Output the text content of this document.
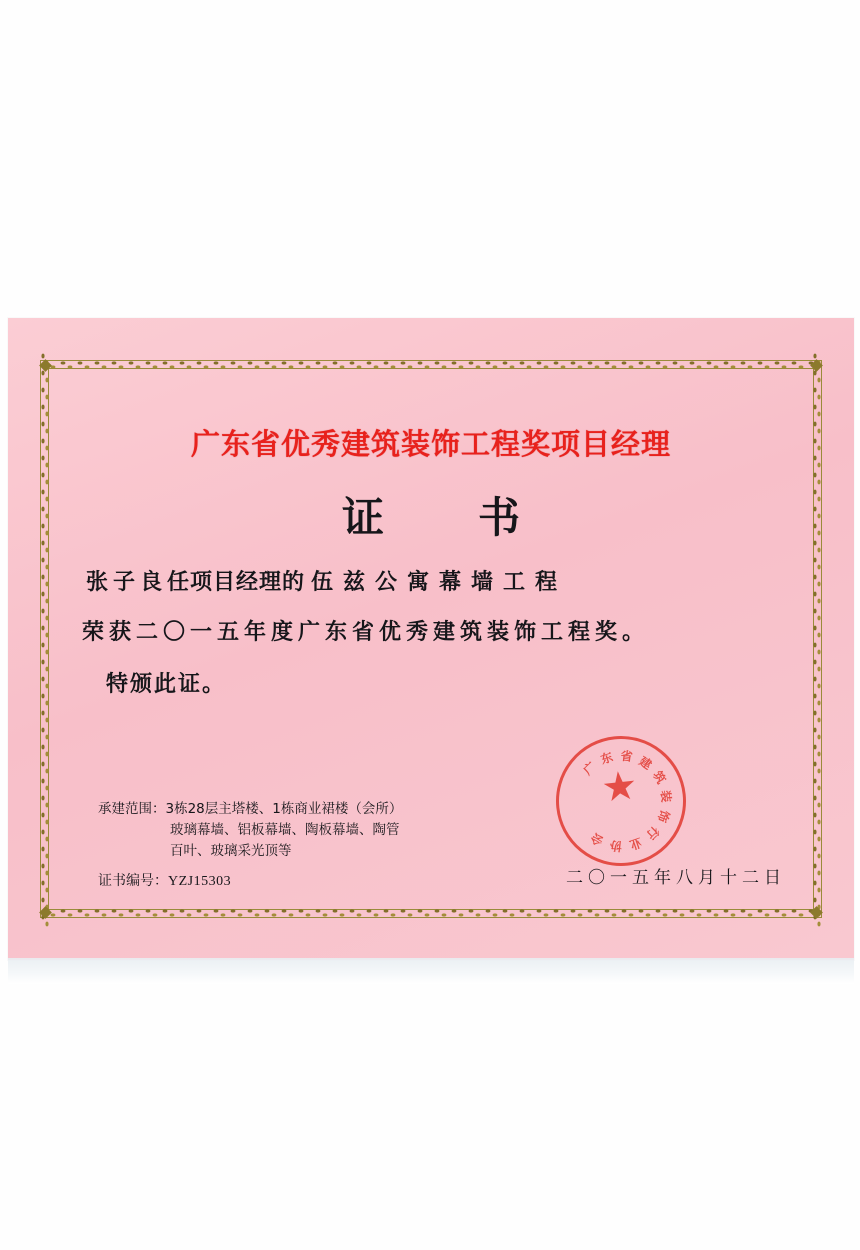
广东省优秀建筑装饰工程奖项目经理
证　书
张子良 任项目经理的 伍兹公寓幕墙工程
荣获二〇一五年度广东省优秀建筑装饰工程奖。
特颁此证。
承建范围：3栋28层主塔楼、1栋商业裙楼（会所）
玻璃幕墙、铝板幕墙、陶板幕墙、陶管
百叶、玻璃采光顶等
证书编号：YZJ15303	二〇一五年八月十二日
广
东 省 建
筑
装
饰
行
业
协
会
★
